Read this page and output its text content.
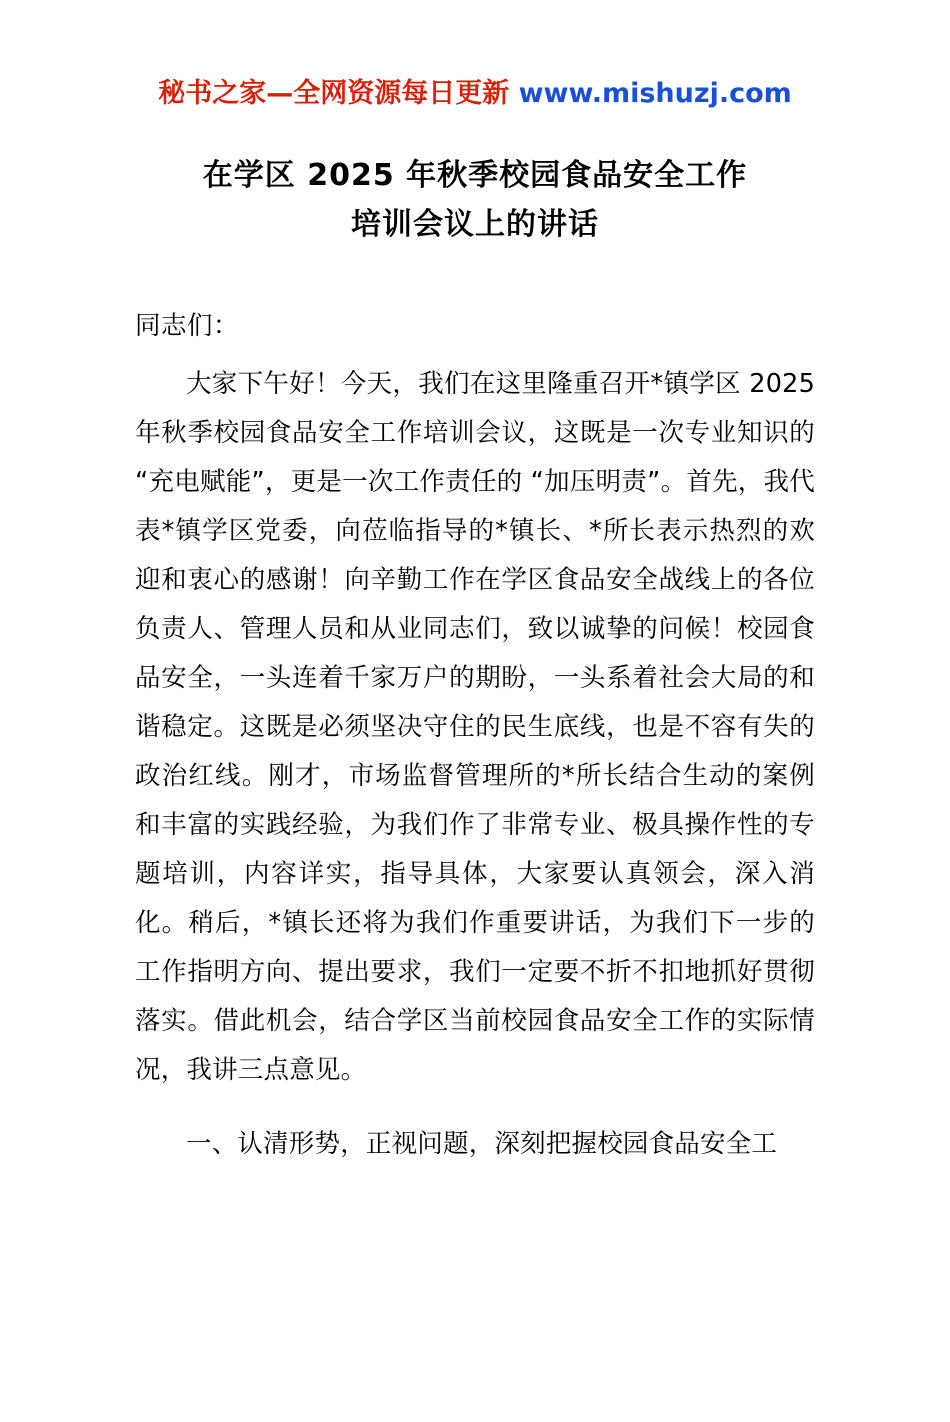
秘书之家—全网资源每日更新 www.mishuzj.com
在学区 2025 年秋季校园食品安全工作
培训会议上的讲话
同志们：

大家下午好！今天，我们在这里隆重召开*镇学区 2025 年秋季校园食品安全工作培训会议，这既是一次专业知识的 “充电赋能”，更是一次工作责任的 “加压明责”。首先，我代表*镇学区党委，向莅临指导的*镇长、*所长表示热烈的欢迎和衷心的感谢！向辛勤工作在学区食品安全战线上的各位负责人、管理人员和从业同志们，致以诚挚的问候！校园食品安全，一头连着千家万户的期盼，一头系着社会大局的和谐稳定。这既是必须坚决守住的民生底线，也是不容有失的政治红线。刚才，市场监督管理所的*所长结合生动的案例和丰富的实践经验，为我们作了非常专业、极具操作性的专题培训，内容详实，指导具体，大家要认真领会，深入消化。稍后，*镇长还将为我们作重要讲话，为我们下一步的工作指明方向、提出要求，我们一定要不折不扣地抓好贯彻落实。借此机会，结合学区当前校园食品安全工作的实际情况，我讲三点意见。

一、认清形势，正视问题，深刻把握校园食品安全工
